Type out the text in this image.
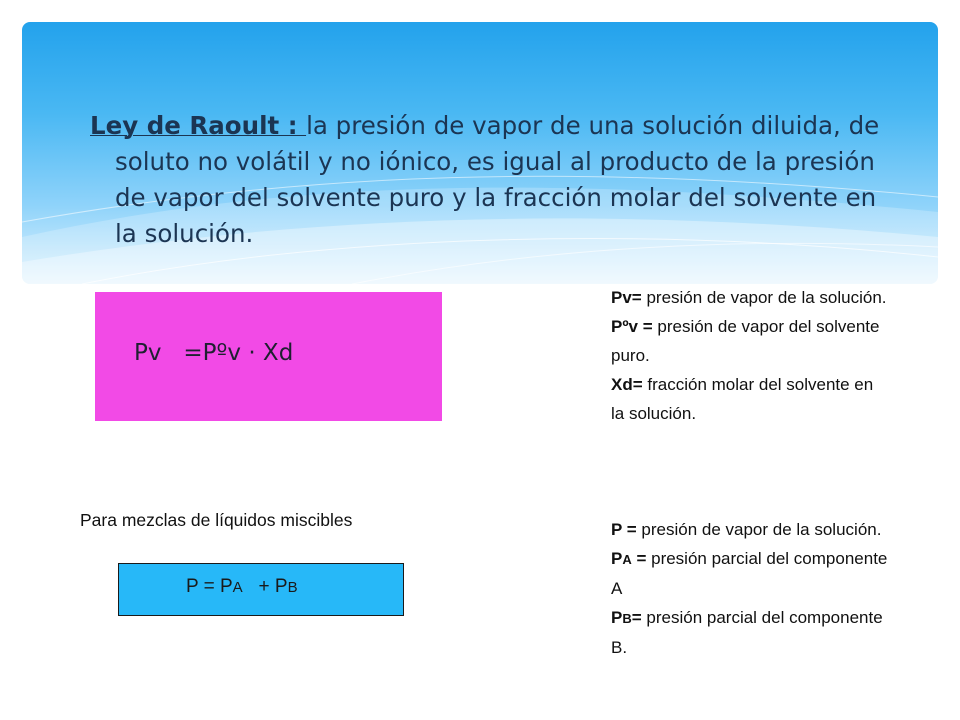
Ley de Raoult : la presión de vapor de una solución diluida, de soluto no volátil y no iónico, es igual al producto de la presión de vapor del solvente puro y la fracción molar del solvente en la solución.
Pv   =Pºv · Xd
Pv= presión de vapor de la solución.
Pºv = presión de vapor del solvente puro.
Xd= fracción molar del solvente en la solución.
Para mezclas de líquidos miscibles
P = PA   + PB
P = presión de vapor de la solución.
PA = presión parcial del componente A
PB= presión parcial del componente B.
